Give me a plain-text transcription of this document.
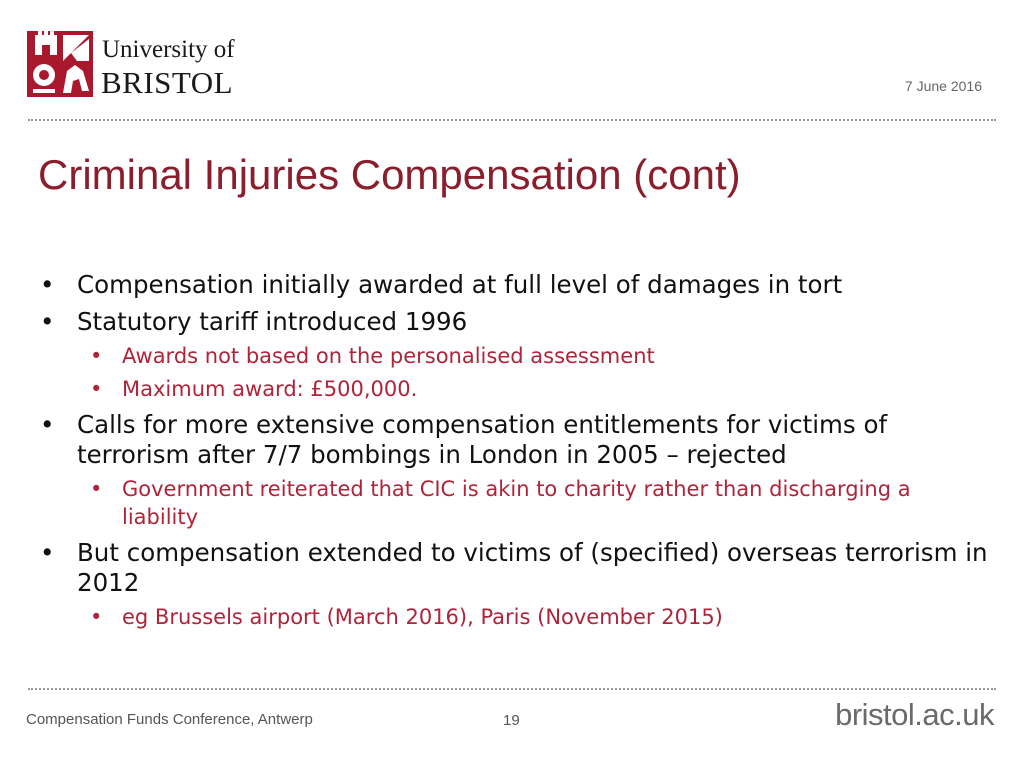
University of
BRISTOL	7 June 2016
Criminal Injuries Compensation (cont)
• Compensation initially awarded at full level of damages in tort
• Statutory tariff introduced 1996
• Awards not based on the personalised assessment
• Maximum award: £500,000.
• Calls for more extensive compensation entitlements for victims of terrorism after 7/7 bombings in London in 2005 – rejected
• Government reiterated that CIC is akin to charity rather than discharging a liability
• But compensation extended to victims of (specified) overseas terrorism in 2012
• eg Brussels airport (March 2016), Paris (November 2015)
Compensation Funds Conference, Antwerp	19	bristol.ac.uk
